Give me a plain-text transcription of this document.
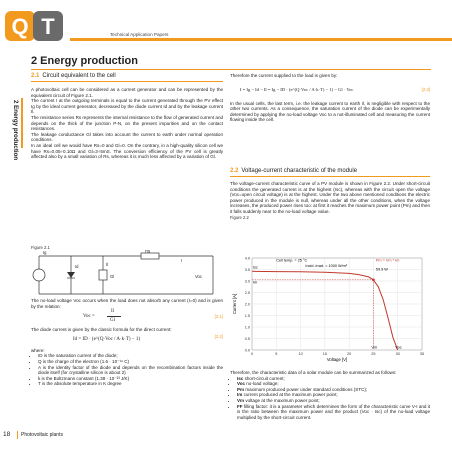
Q T	Technical Application Papers
2 Energy production
2 Energy production
2.1 Circuit equivalent to the cell
A photovoltaic cell can be considered as a current generator and can be represented by the equivalent circuit of Figure 2.1.
The current I at the outgoing terminals is equal to the current generated through the PV effect Ig by the ideal current generator, decreased by the diode current Id and by the leakage current Il.
The resistance series Rs represents the internal resistance to the flow of generated current and depends on the thick of the junction P-N, on the present impurities and on the contact resistances.
The leakage conductance Gl takes into account the current to earth under normal operation conditions.
In an ideal cell we would have Rs=0 and Gl=0. On the contrary, in a high-quality silicon cell we have Rs=0.05÷0.10Ω and Gl=3÷5mS. The conversion efficiency of the PV cell is greatly affected also by a small variation of Rs, whereas it is much less affected by a variation of Gl.
Figure 2.1
Ig
Id	Il
Gl
Rs
I
Voc
The no-load voltage Voc occurs when the load does not absorb any current (I=0) and is given by the relation:
Voc =
Il
Gl
[2.1]
The diode current is given by the classic formula for the direct current:
Id = ID · (e^(Q·Voc / A·k·T) − 1)
[2.2]
where:
• ID is the saturation current of the diode;
• Q is the charge of the electron (1.6 · 10⁻¹⁹ C)
• A is the identity factor of the diode and depends on the recombination factors inside the diode itself (for crystalline silicon is about 2)
• k is the Boltzmann constant (1.38 · 10⁻²³ J/K)
• T is the absolute temperature in K degree
Therefore the current supplied to the load is given by:
I = Ig − Id − Il = Ig − ID · (e^(Q·Voc / A·k·T) − 1) − Gl · Voc	[2.3]
In the usual cells, the last term, i.e. the leakage current to earth Il, is negligible with respect to the other two currents. As a consequence, the saturation current of the diode can be experimentally determined by applying the no-load voltage Voc to a not-illuminated cell and measuring the current flowing inside the cell.
2.2 Voltage-current characteristic of the module
The voltage-current characteristic curve of a PV module is shown in Figure 2.2. Under short-circuit conditions the generated current is at the highest (Isc), whereas with the circuit open the voltage (Voc=open circuit voltage) is at the highest. Under the two above mentioned conditions the electric power produced in the module is null, whereas under all the other conditions, when the voltage increases, the produced power rises too: at first it reaches the maximum power point (Pm) and then it falls suddenly near to the no-load voltage value.
Figure 2.2
0.0
0.5
1.0
1.5
2.0
2.5
3.0
3.5
4.0
0	5	10	15	20	25	30	35
Voltage [V]
Current [A]
Cell temp. = 25 °C
Incid. irrad. = 1000 W/m²
Pm = Vm * Im
59.9 W
Isc
Im
Vm	Voc
Therefore, the characteristic data of a solar module can be summarized as follows:
• Isc short-circuit current;
• Voc no-load voltage;
• Pm maximum produced power under standard conditions (STC);
• Im current produced at the maximum power point;
• Vm voltage at the maximum power point;
• FF filling factor: it is a parameter which determines the form of the characteristic curve V-I and it is the ratio between the maximum power and the product (Voc · Isc) of the no-load voltage multiplied by the short-circuit current.
18 Photovoltaic plants
